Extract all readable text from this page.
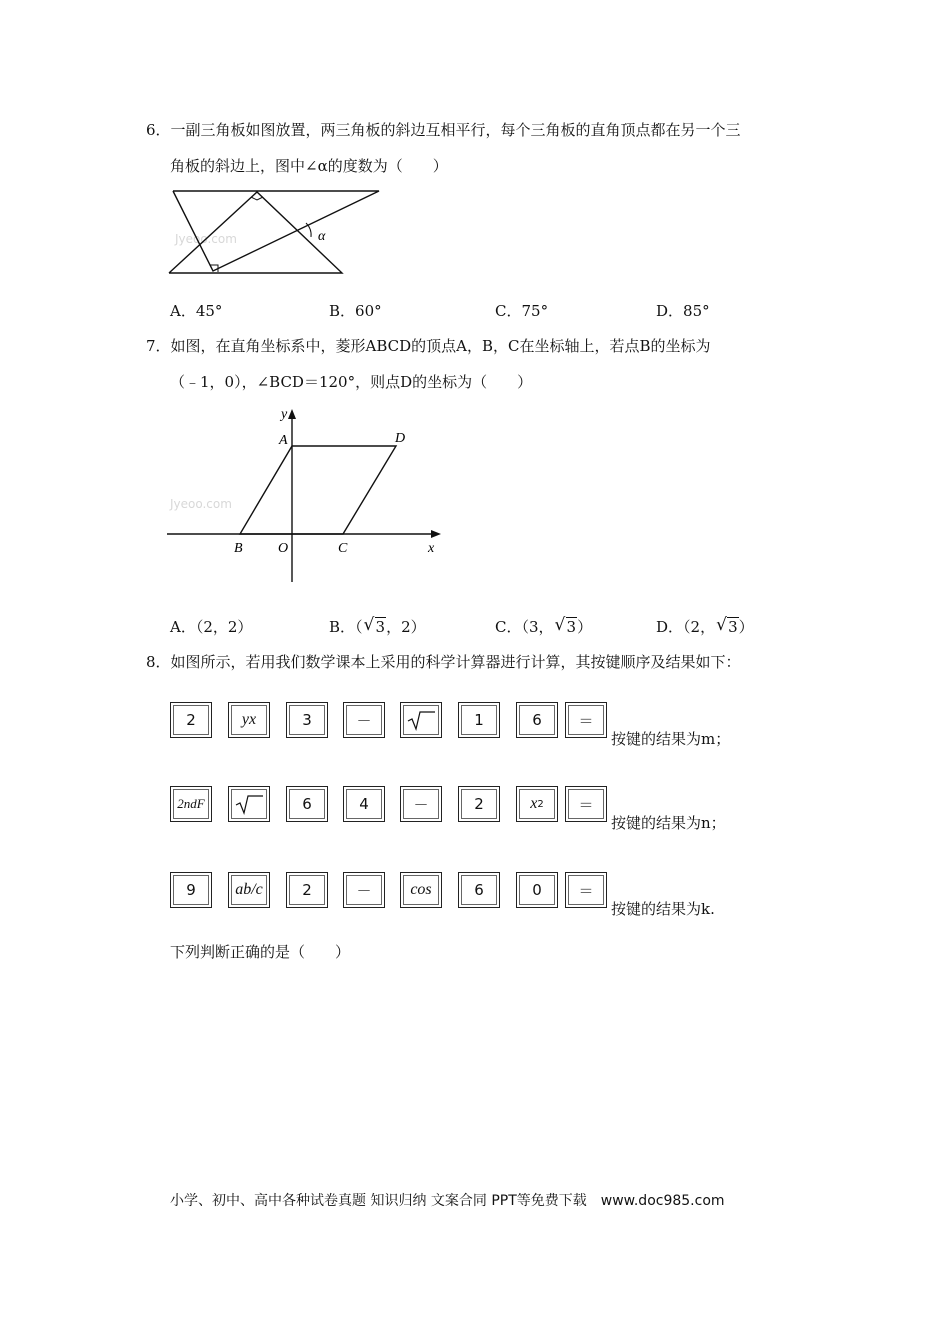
6．一副三角板如图放置，两三角板的斜边互相平行，每个三角板的直角顶点都在另一个三
角板的斜边上，图中∠α的度数为（　　）
Jyeoo.com	α
A．45°	B．60°	C．75°	D．85°
7．如图，在直角坐标系中，菱形ABCD的顶点A，B，C在坐标轴上，若点B的坐标为
（﹣1，0），∠BCD＝120°，则点D的坐标为（　　）
Jyeoo.com
y
x
A	D
B	O	C
A．（2，2）	B．（ √ 3，2）	C．（3， √ 3）	D．（2， √ 3）
8．如图所示，若用我们数学课本上采用的科学计算器进行计算，其按键顺序及结果如下：
2	y x	3	－	1	6 ＝
按键的结果为m；
2ndF	6	4	－	2	x 2 ＝
按键的结果为n；
9 a b /c	2	－ cos	6	0 ＝
按键的结果为k.
下列判断正确的是（　　）
小学、初中、高中各种试卷真题 知识归纳 文案合同 PPT等免费下载　www.doc985.com
